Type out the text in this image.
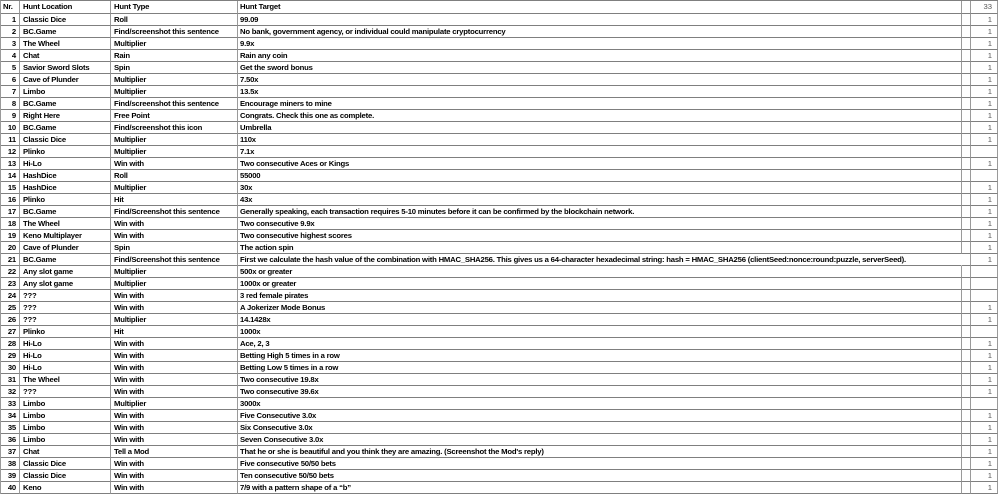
Nr.	Hunt Location	Hunt Type	Hunt Target	33
1 Classic Dice	Roll	99.09	1
2 BC.Game	Find/screenshot this sentence	No bank, government agency, or individual could manipulate cryptocurrency	1
3 The Wheel	Multiplier	9.9x	1
4 Chat	Rain	Rain any coin	1
5 Savior Sword Slots	Spin	Get the sword bonus	1
6 Cave of Plunder	Multiplier	7.50x	1
7 Limbo	Multiplier	13.5x	1
8 BC.Game	Find/screenshot this sentence	Encourage miners to mine	1
9 Right Here	Free Point	Congrats. Check this one as complete.	1
10 BC.Game	Find/screenshot this icon	Umbrella	1
11 Classic Dice	Multiplier	110x	1
12 Plinko	Multiplier	7.1x
13 Hi-Lo	Win with	Two consecutive Aces or Kings	1
14 HashDice	Roll	55000
15 HashDice	Multiplier	30x	1
16 Plinko	Hit	43x	1
17 BC.Game	Find/Screenshot this sentence	Generally speaking, each transaction requires 5-10 minutes before it can be confirmed by the blockchain network.	1
18 The Wheel	Win with	Two consecutive 9.9x	1
19 Keno Multiplayer	Win with	Two consecutive highest scores	1
20 Cave of Plunder	Spin	The action spin	1
21 BC.Game	Find/Screenshot this sentence	First we calculate the hash value of the combination with HMAC_SHA256. This gives us a 64-character hexadecimal string: hash = HMAC_SHA256 (clientSeed:nonce:round:puzzle, serverSeed).	1
22 Any slot game	Multiplier	500x or greater
23 Any slot game	Multiplier	1000x or greater
24 ???	Win with	3 red female pirates
25 ???	Win with	A Jokerizer Mode Bonus	1
26 ???	Multiplier	14.1428x	1
27 Plinko	Hit	1000x
28 Hi-Lo	Win with	Ace, 2, 3	1
29 Hi-Lo	Win with	Betting High 5 times in a row	1
30 Hi-Lo	Win with	Betting Low 5 times in a row	1
31 The Wheel	Win with	Two consecutive 19.8x	1
32 ???	Win with	Two consecutive 39.6x	1
33 Limbo	Multiplier	3000x
34 Limbo	Win with	Five Consecutive 3.0x	1
35 Limbo	Win with	Six Consecutive 3.0x	1
36 Limbo	Win with	Seven Consecutive 3.0x	1
37 Chat	Tell a Mod	That he or she is beautiful and you think they are amazing. (Screenshot the Mod's reply)	1
38 Classic Dice	Win with	Five consecutive 50/50 bets	1
39 Classic Dice	Win with	Ten consecutive 50/50 bets	1
40 Keno	Win with	7/9 with a pattern shape of a “b”	1
